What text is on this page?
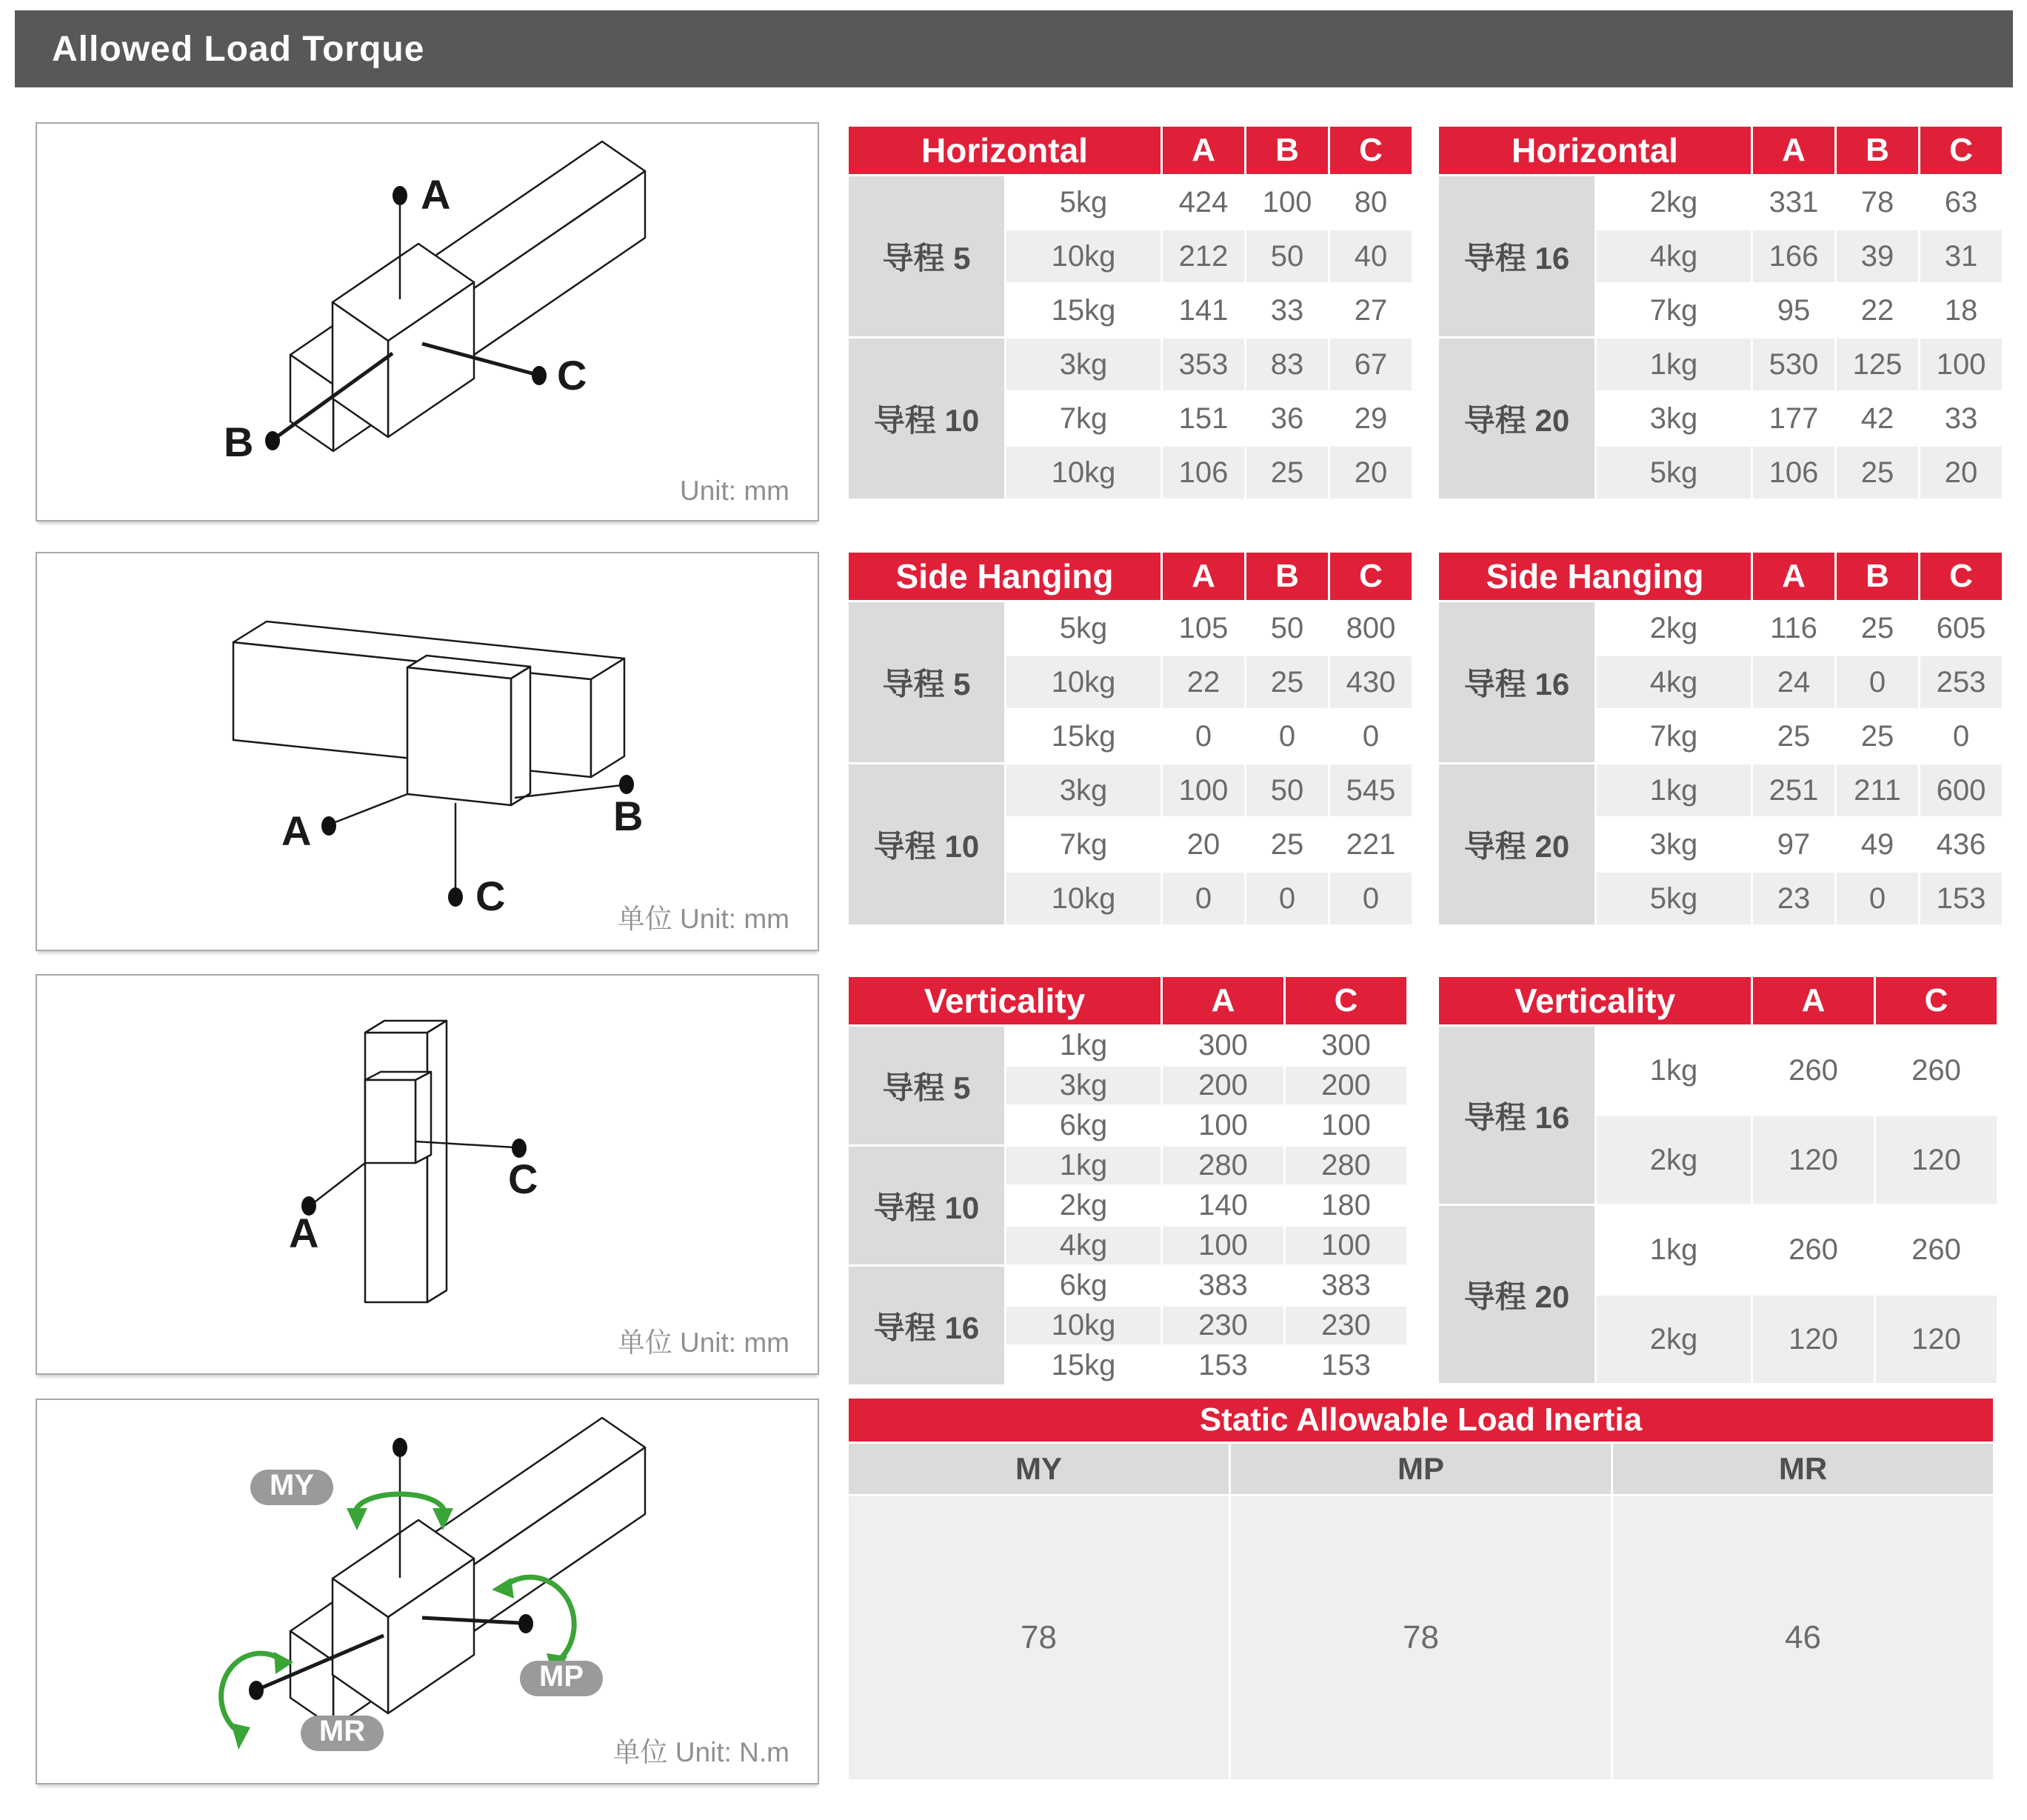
Allowed Load Torque
A
B
C
Unit: mm
A	B
C	单位 Unit: mm
A
C
单位 Unit: mm
MY
MP
MR
单位 Unit: N.m
Horizontal		A	B	C
导程 5	5kg	424	100	80
	10kg	212	50	40
	15kg	141	33	27
导程 10	3kg	353	83	67
	7kg	151	36	29
	10kg	106	25	20
Horizontal		A	B	C
导程 16	2kg	331	78	63
	4kg	166	39	31
	7kg	95	22	18
导程 20	1kg	530	125	100
	3kg	177	42	33
	5kg	106	25	20
Side Hanging		A	B	C
导程 5	5kg	105	50	800
	10kg	22	25	430
	15kg	0	0	0
导程 10	3kg	100	50	545
	7kg	20	25	221
	10kg	0	0	0
Side Hanging		A	B	C
导程 16	2kg	116	25	605
	4kg	24	0	253
	7kg	25	25	0
导程 20	1kg	251	211	600
	3kg	97	49	436
	5kg	23	0	153
Verticality		A	C
导程 5	1kg	300	300
	3kg	200	200
	6kg	100	100
导程 10	1kg	280	280
	2kg	140	180
	4kg	100	100
导程 16	6kg	383	383
	10kg	230	230
	15kg	153	153
Verticality		A	C
导程 16	1kg	260	260
	2kg	120	120
导程 20	1kg	260	260
	2kg	120	120
Static Allowable Load Inertia		
MY	MP	MR
78	78	46
